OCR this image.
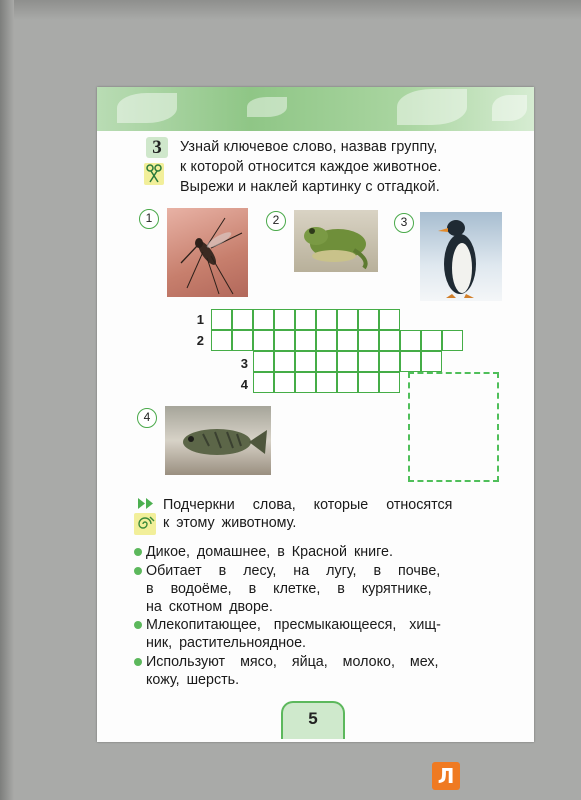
3	Узнай ключевое слово, назвав группу,
к которой относится каждое животное.
Вырежи и наклей картинку с отгадкой.
1	2	3
4
1
2
3
4
Подчеркни слова, которые относятся
к этому животному.
Дикое, домашнее, в Красной книге.
Обитает в лесу, на лугу, в почве,
в водоёме, в клетке, в курятнике,
на скотном дворе.
Млекопитающее, пресмыкающееся, хищ-
ник, растительноядное.
Используют мясо, яйца, молоко, мех,
кожу, шерсть.
5
Л
